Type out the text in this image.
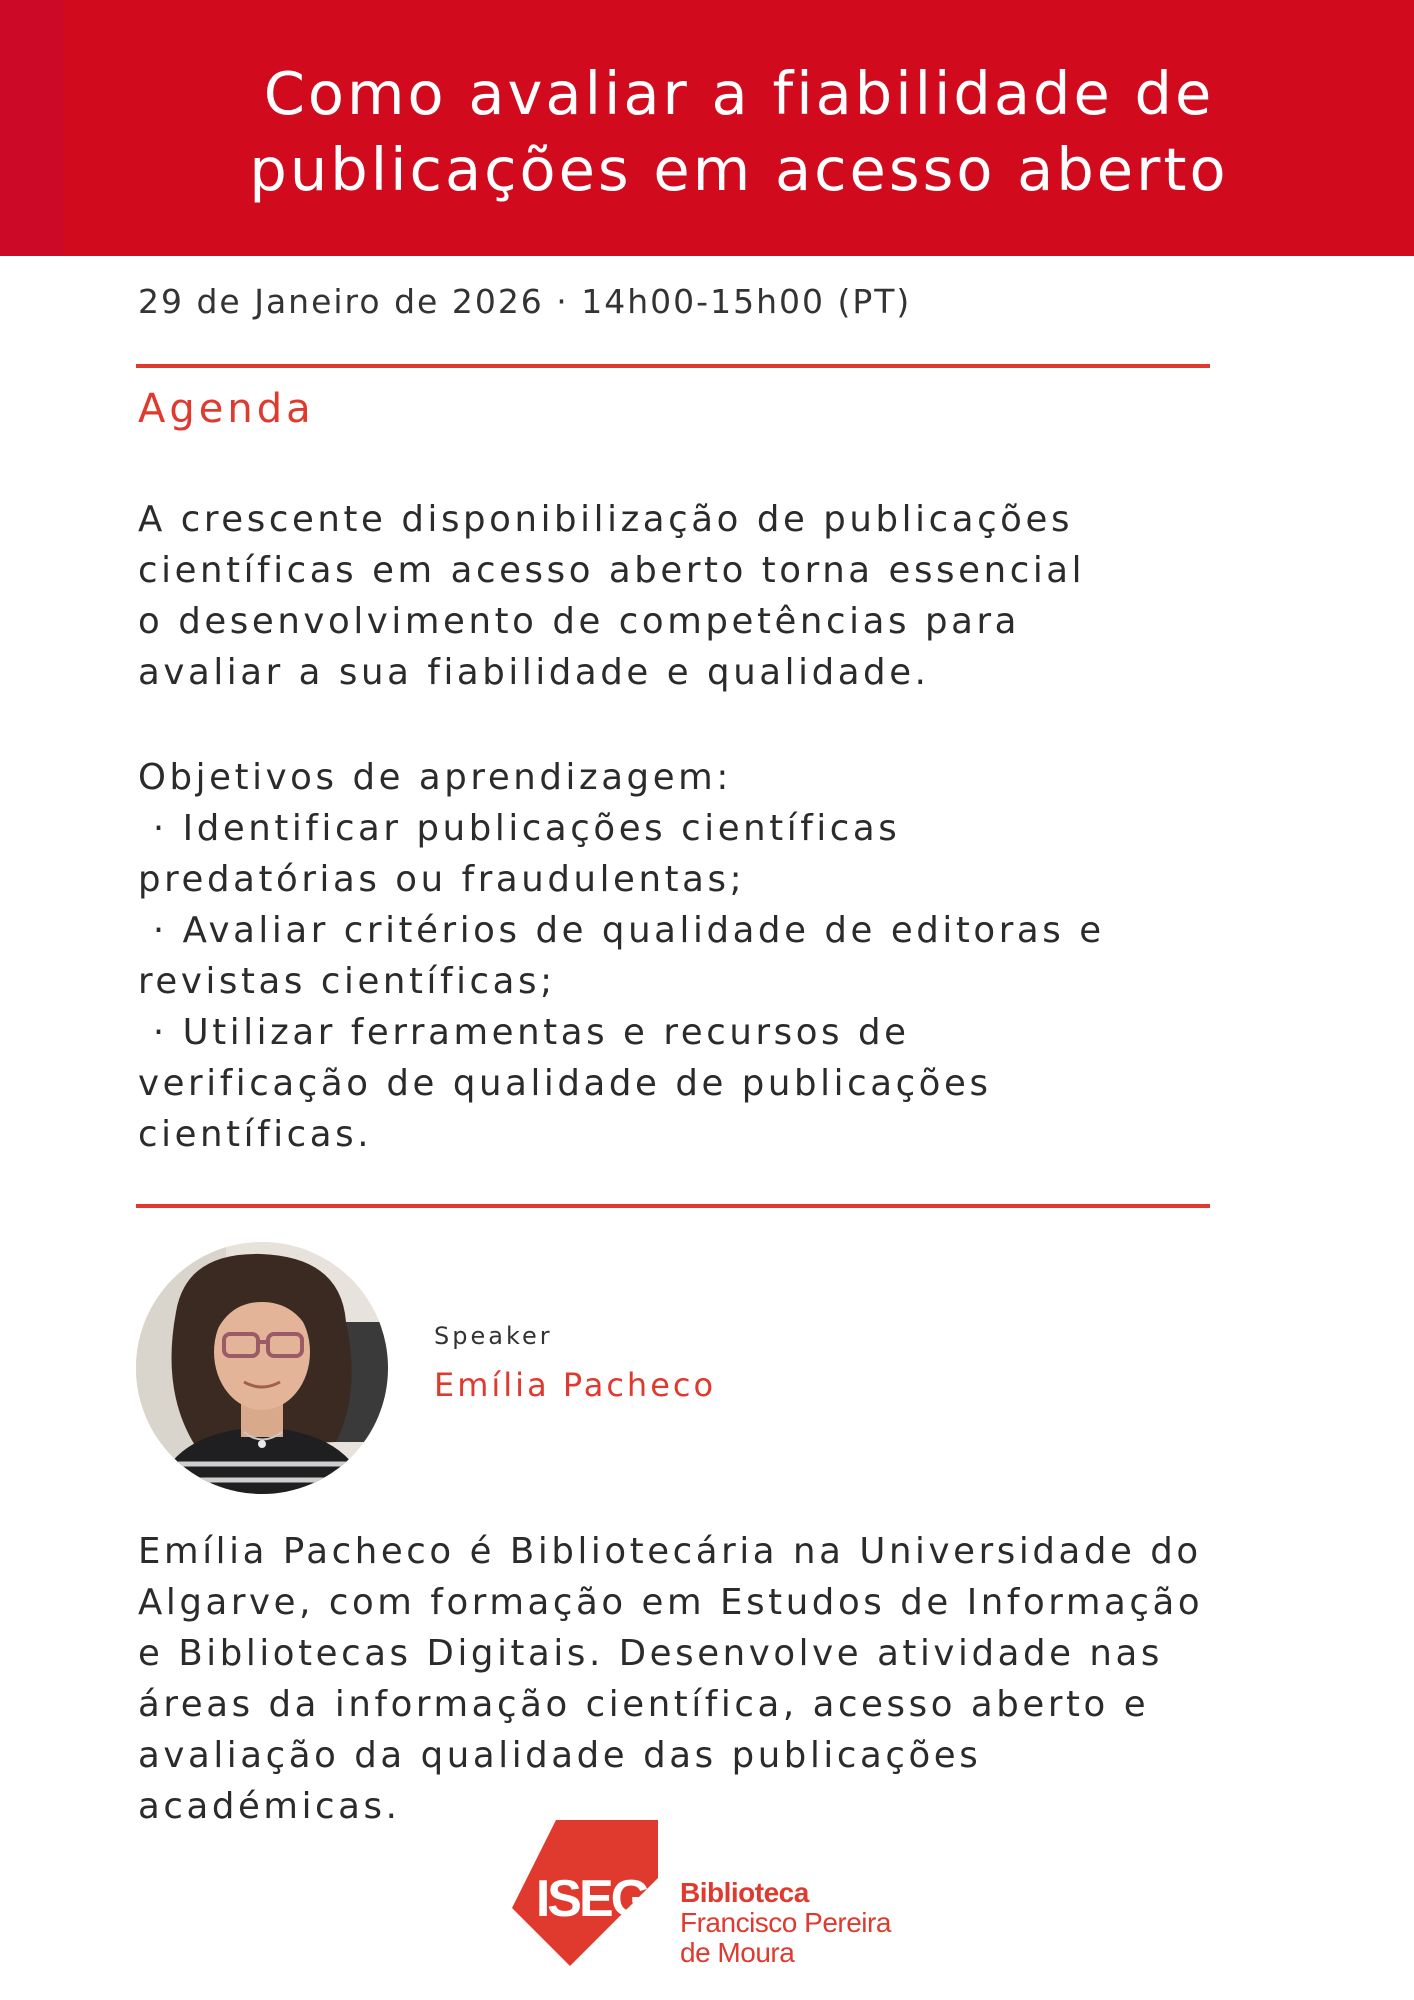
Como avaliar a fiabilidade de
publicações em acesso aberto
29 de Janeiro de 2026 · 14h00-15h00 (PT)
Agenda

A crescente disponibilização de publicações
científicas em acesso aberto torna essencial
o desenvolvimento de competências para
avaliar a sua fiabilidade e qualidade.

Objetivos de aprendizagem:
· Identificar publicações científicas
predatórias ou fraudulentas;
· Avaliar critérios de qualidade de editoras e
revistas científicas;
· Utilizar ferramentas e recursos de
verificação de qualidade de publicações
científicas.
Speaker
Emília Pacheco

Emília Pacheco é Bibliotecária na Universidade do
Algarve, com formação em Estudos de Informação
e Bibliotecas Digitais. Desenvolve atividade nas
áreas da informação científica, acesso aberto e
avaliação da qualidade das publicações
académicas.

ISEG Biblioteca
Francisco Pereira
de Moura
